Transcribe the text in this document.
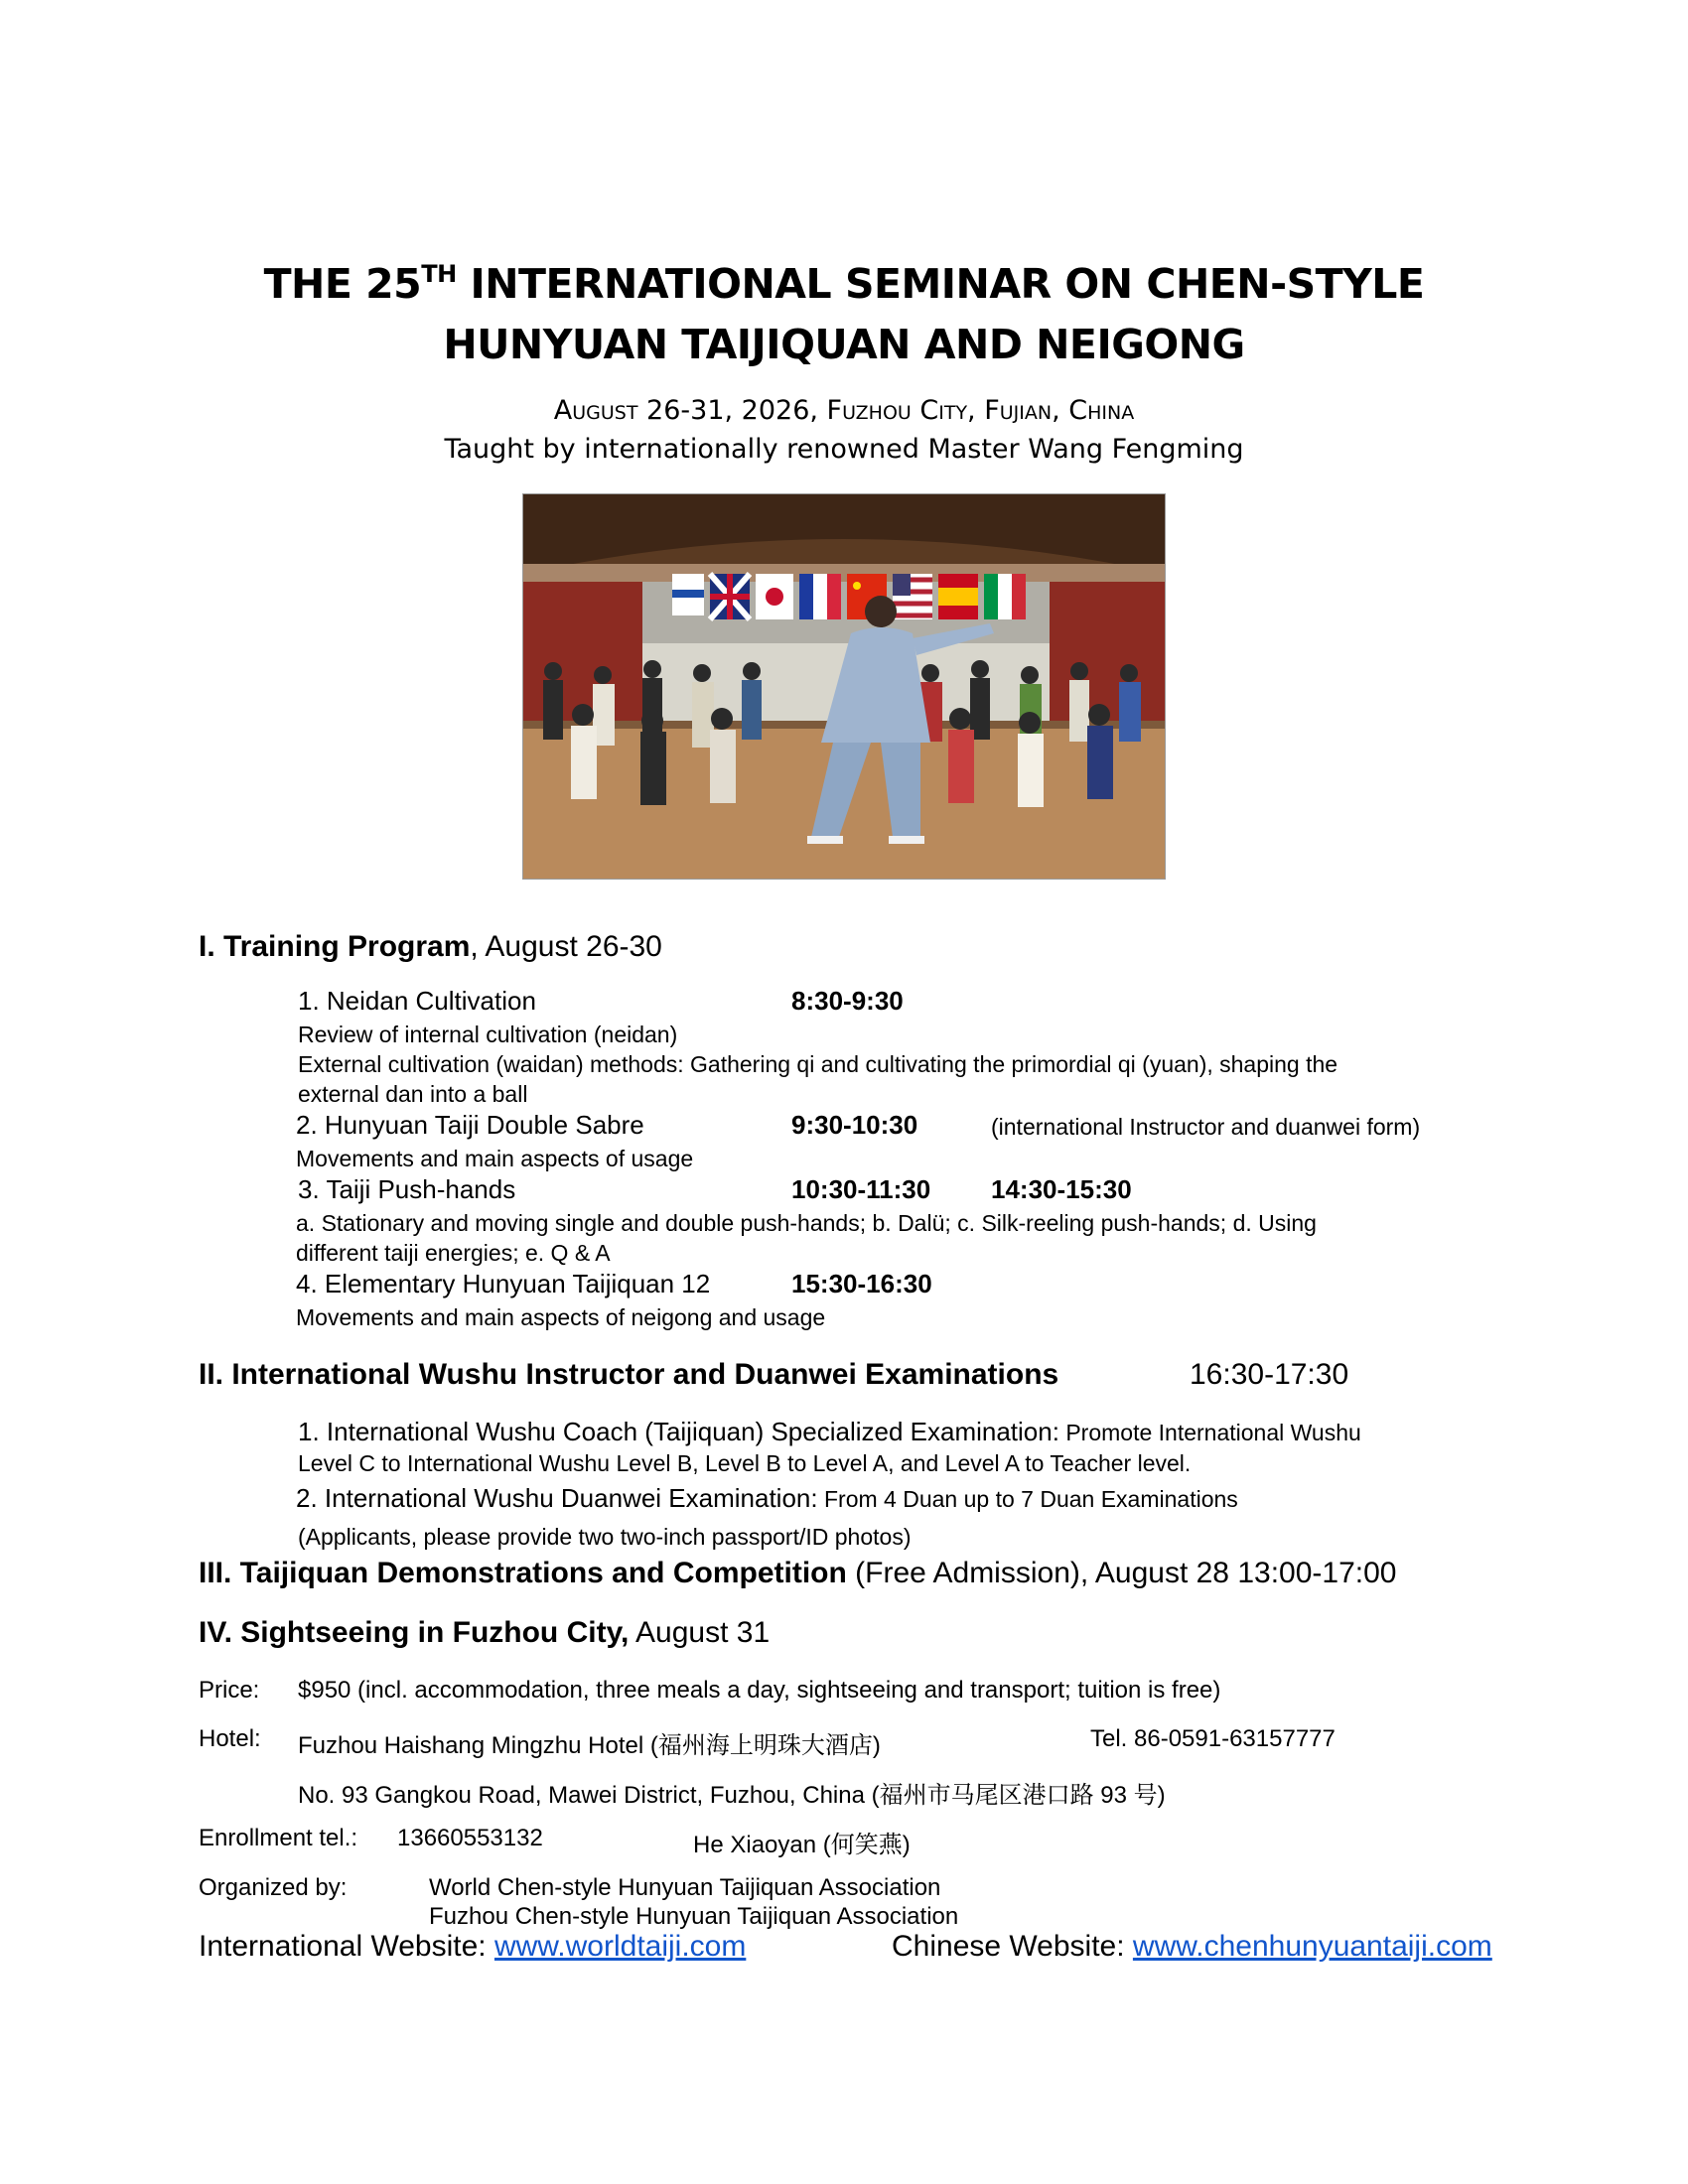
THE 25TH INTERNATIONAL SEMINAR ON CHEN-STYLE
HUNYUAN TAIJIQUAN AND NEIGONG
August 26-31, 2026, Fuzhou City, Fujian, China
Taught by internationally renowned Master Wang Fengming
I. Training Program, August 26-30
1. Neidan Cultivation	8:30-9:30
Review of internal cultivation (neidan)
External cultivation (waidan) methods: Gathering qi and cultivating the primordial qi (yuan), shaping the
external dan into a ball
2. Hunyuan Taiji Double Sabre	9:30-10:30	(international Instructor and duanwei form)
Movements and main aspects of usage
3. Taiji Push-hands	10:30-11:30 14:30-15:30
a. Stationary and moving single and double push-hands; b. Dalü; c. Silk-reeling push-hands; d. Using
different taiji energies; e. Q & A
4. Elementary Hunyuan Taijiquan 12	15:30-16:30
Movements and main aspects of neigong and usage
II. International Wushu Instructor and Duanwei Examinations	16:30-17:30
1. International Wushu Coach (Taijiquan) Specialized Examination: Promote International Wushu
Level C to International Wushu Level B, Level B to Level A, and Level A to Teacher level.
2. International Wushu Duanwei Examination: From 4 Duan up to 7 Duan Examinations
(Applicants, please provide two two-inch passport/ID photos)
III. Taijiquan Demonstrations and Competition (Free Admission), August 28 13:00-17:00
IV. Sightseeing in Fuzhou City, August 31
Price: $950 (incl. accommodation, three meals a day, sightseeing and transport; tuition is free)
Hotel: Fuzhou Haishang Mingzhu Hotel (福州海上明珠大酒店)	Tel. 86-0591-63157777
No. 93 Gangkou Road, Mawei District, Fuzhou, China (福州市马尾区港口路 93 号)
Enrollment tel.: 13660553132	He Xiaoyan (何笑燕)
Organized by:	World Chen-style Hunyuan Taijiquan Association
Fuzhou Chen-style Hunyuan Taijiquan Association
International Website: www.worldtaiji.com	Chinese Website: www.chenhunyuantaiji.com
